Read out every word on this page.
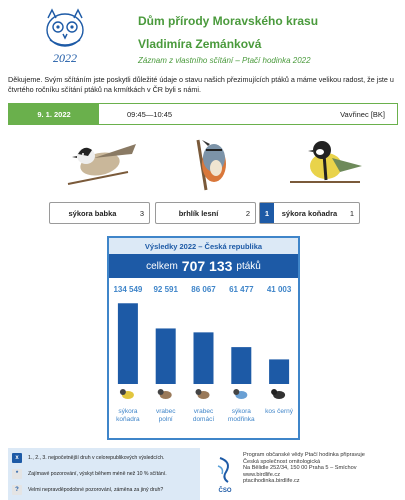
2022
Dům přírody Moravského krasu
Vladimíra Zemánková
Záznam z vlastního sčítání – Ptačí hodinka 2022
Děkujeme. Svým sčítáním jste poskytli důležité údaje o stavu našich přezimujících ptáků a máme velikou radost, že jste u čtvrtého ročníku sčítání ptáků na krmítkách v ČR byli s námi.
9. 1. 2022	09:45—10:45	Vavřinec [BK]
sýkora babka	3	brhlík lesní	2	1	sýkora koňadra	1
Výsledky 2022 – Česká republika
celkem 707 133 ptáků
134 549
sýkora
koňadra
92 591
vrabec
polní
86 067
vrabec
domácí
61 477
sýkora
modřinka
41 003
kos černý
x	1., 2., 3. nejpočetnější druh v celorepublikových výsledcích.
*	Zajímavé pozorování, výskyt během méně než 10 % sčítání.
?	Velmi nepravděpodobné pozorování, záměna za jiný druh?	ČSO
Program občanské vědy Ptačí hodinka připravuje
Česká společnost ornitologická
Na Bělidle 252/34, 150 00 Praha 5 – Smíchov
www.birdlife.cz
ptacihodinka.birdlife.cz
